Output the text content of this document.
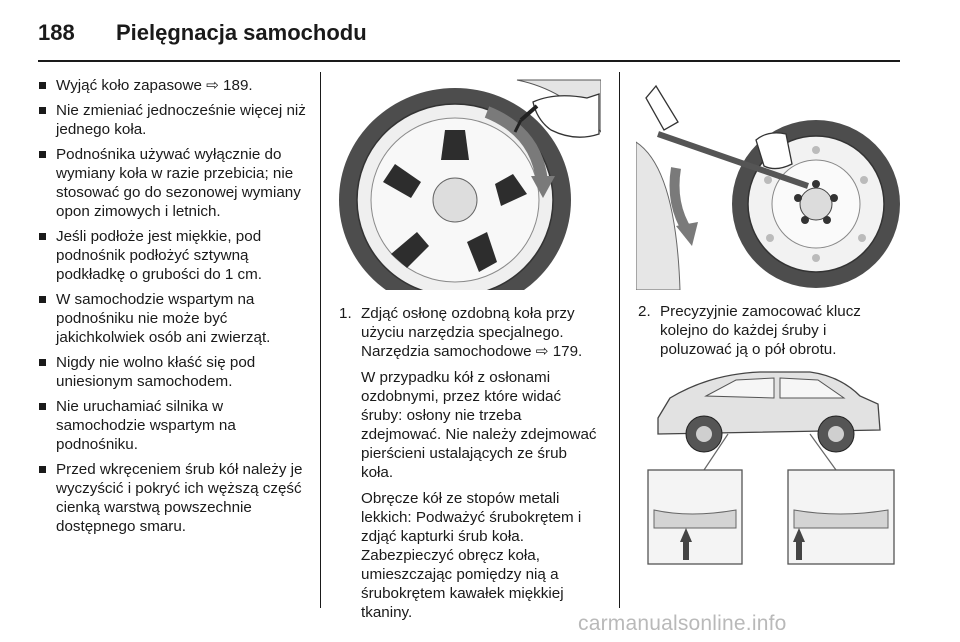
188 Pielęgnacja samochodu
Wyjąć koło zapasowe ⇨ 189.
Nie zmieniać jednocześnie więcej niż jednego koła.
Podnośnika używać wyłącznie do wymiany koła w razie przebicia; nie stosować go do sezonowej wymiany opon zimowych i letnich.
Jeśli podłoże jest miękkie, pod podnośnik podłożyć sztywną podkładkę o grubości do 1 cm.
W samochodzie wspartym na podnośniku nie może być jakichkolwiek osób ani zwierząt.
Nigdy nie wolno kłaść się pod uniesionym samochodem.
Nie uruchamiać silnika w samochodzie wspartym na podnośniku.
Przed wkręceniem śrub kół należy je wyczyścić i pokryć ich węższą część cienką warstwą powszechnie dostępnego smaru.
1. Zdjąć osłonę ozdobną koła przy użyciu narzędzia specjalnego. Narzędzia samochodowe ⇨ 179.
W przypadku kół z osłonami ozdobnymi, przez które widać śruby: osłony nie trzeba zdejmować. Nie należy zdejmować pierścieni ustalających ze śrub koła.
Obręcze kół ze stopów metali lekkich: Podważyć śrubokrętem i zdjąć kapturki śrub koła. Zabezpieczyć obręcz koła, umieszczając pomiędzy nią a śrubokrętem kawałek miękkiej tkaniny.
2. Precyzyjnie zamocować klucz kolejno do każdej śruby i poluzować ją o pół obrotu.
carmanualsonline.info
